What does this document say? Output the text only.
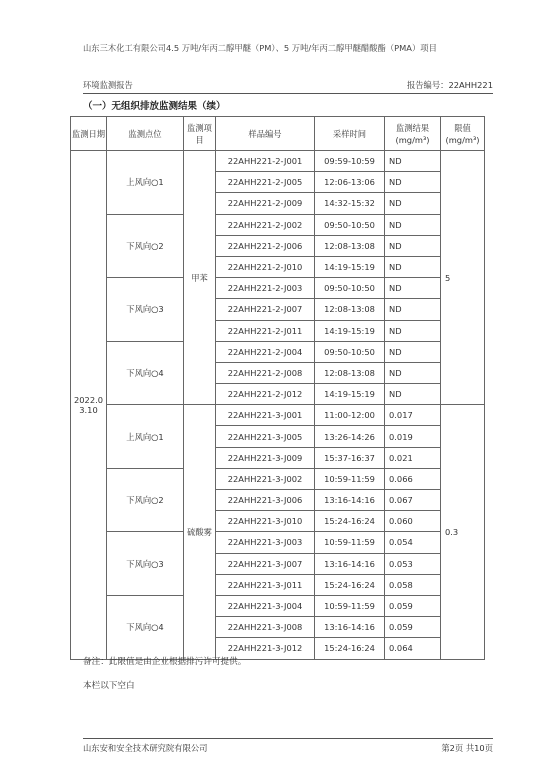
山东三木化工有限公司4.5 万吨/年丙二醇甲醚（PM）、5 万吨/年丙二醇甲醚醋酸酯（PMA）项目
环境监测报告	报告编号：22AHH221
（一）无组织排放监测结果（续）
监测日期	监测点位	监测项目	样品编号	采样时间	监测结果(mg/m³)	限值(mg/m³)
2022.03.10	上风向○1	甲苯	22AHH221-2-J001	09:59-10:59	ND	5
			22AHH221-2-J005	12:06-13:06	ND	
			22AHH221-2-J009	14:32-15:32	ND	
	下风向○2		22AHH221-2-J002	09:50-10:50	ND	
			22AHH221-2-J006	12:08-13:08	ND	
			22AHH221-2-J010	14:19-15:19	ND	
	下风向○3		22AHH221-2-J003	09:50-10:50	ND	
			22AHH221-2-J007	12:08-13:08	ND	
			22AHH221-2-J011	14:19-15:19	ND	
	下风向○4		22AHH221-2-J004	09:50-10:50	ND	
			22AHH221-2-J008	12:08-13:08	ND	
			22AHH221-2-J012	14:19-15:19	ND	
	上风向○1	硫酸雾	22AHH221-3-J001	11:00-12:00	0.017	0.3
			22AHH221-3-J005	13:26-14:26	0.019	
			22AHH221-3-J009	15:37-16:37	0.021	
	下风向○2		22AHH221-3-J002	10:59-11:59	0.066	
			22AHH221-3-J006	13:16-14:16	0.067	
			22AHH221-3-J010	15:24-16:24	0.060	
	下风向○3		22AHH221-3-J003	10:59-11:59	0.054	
			22AHH221-3-J007	13:16-14:16	0.053	
			22AHH221-3-J011	15:24-16:24	0.058	
	下风向○4		22AHH221-3-J004	10:59-11:59	0.059	
			22AHH221-3-J008	13:16-14:16	0.059	
			22AHH221-3-J012	15:24-16:24	0.064	
备注：此限值是由企业根据排污许可提供。
本栏以下空白
山东安和安全技术研究院有限公司	第2页 共10页
